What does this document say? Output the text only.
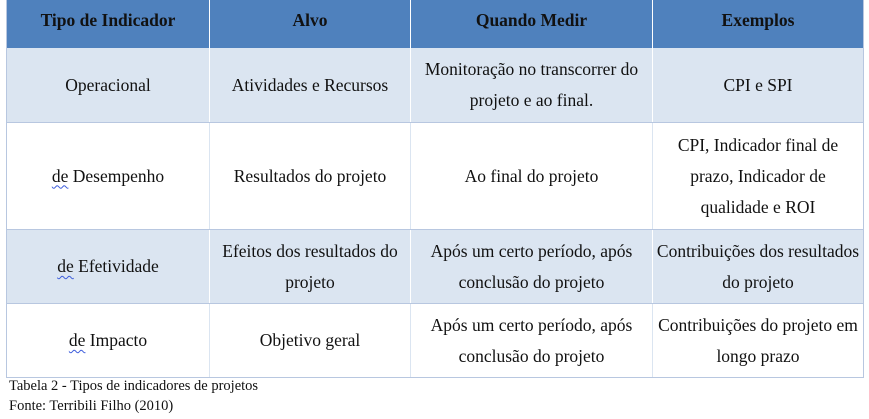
Tipo de Indicador	Alvo	Quando Medir	Exemplos
Operacional	Atividades e Recursos	Monitoração no transcorrer do projeto e ao final.	CPI e SPI
de Desempenho	Resultados do projeto	Ao final do projeto	CPI, Indicador final de prazo, Indicador de qualidade e ROI
de Efetividade	Efeitos dos resultados do projeto	Após um certo período, após conclusão do projeto	Contribuições dos resultados do projeto
de Impacto	Objetivo geral	Após um certo período, após conclusão do projeto	Contribuições do projeto em longo prazo
Tabela 2 - Tipos de indicadores de projetos
Fonte: Terribili Filho (2010)
